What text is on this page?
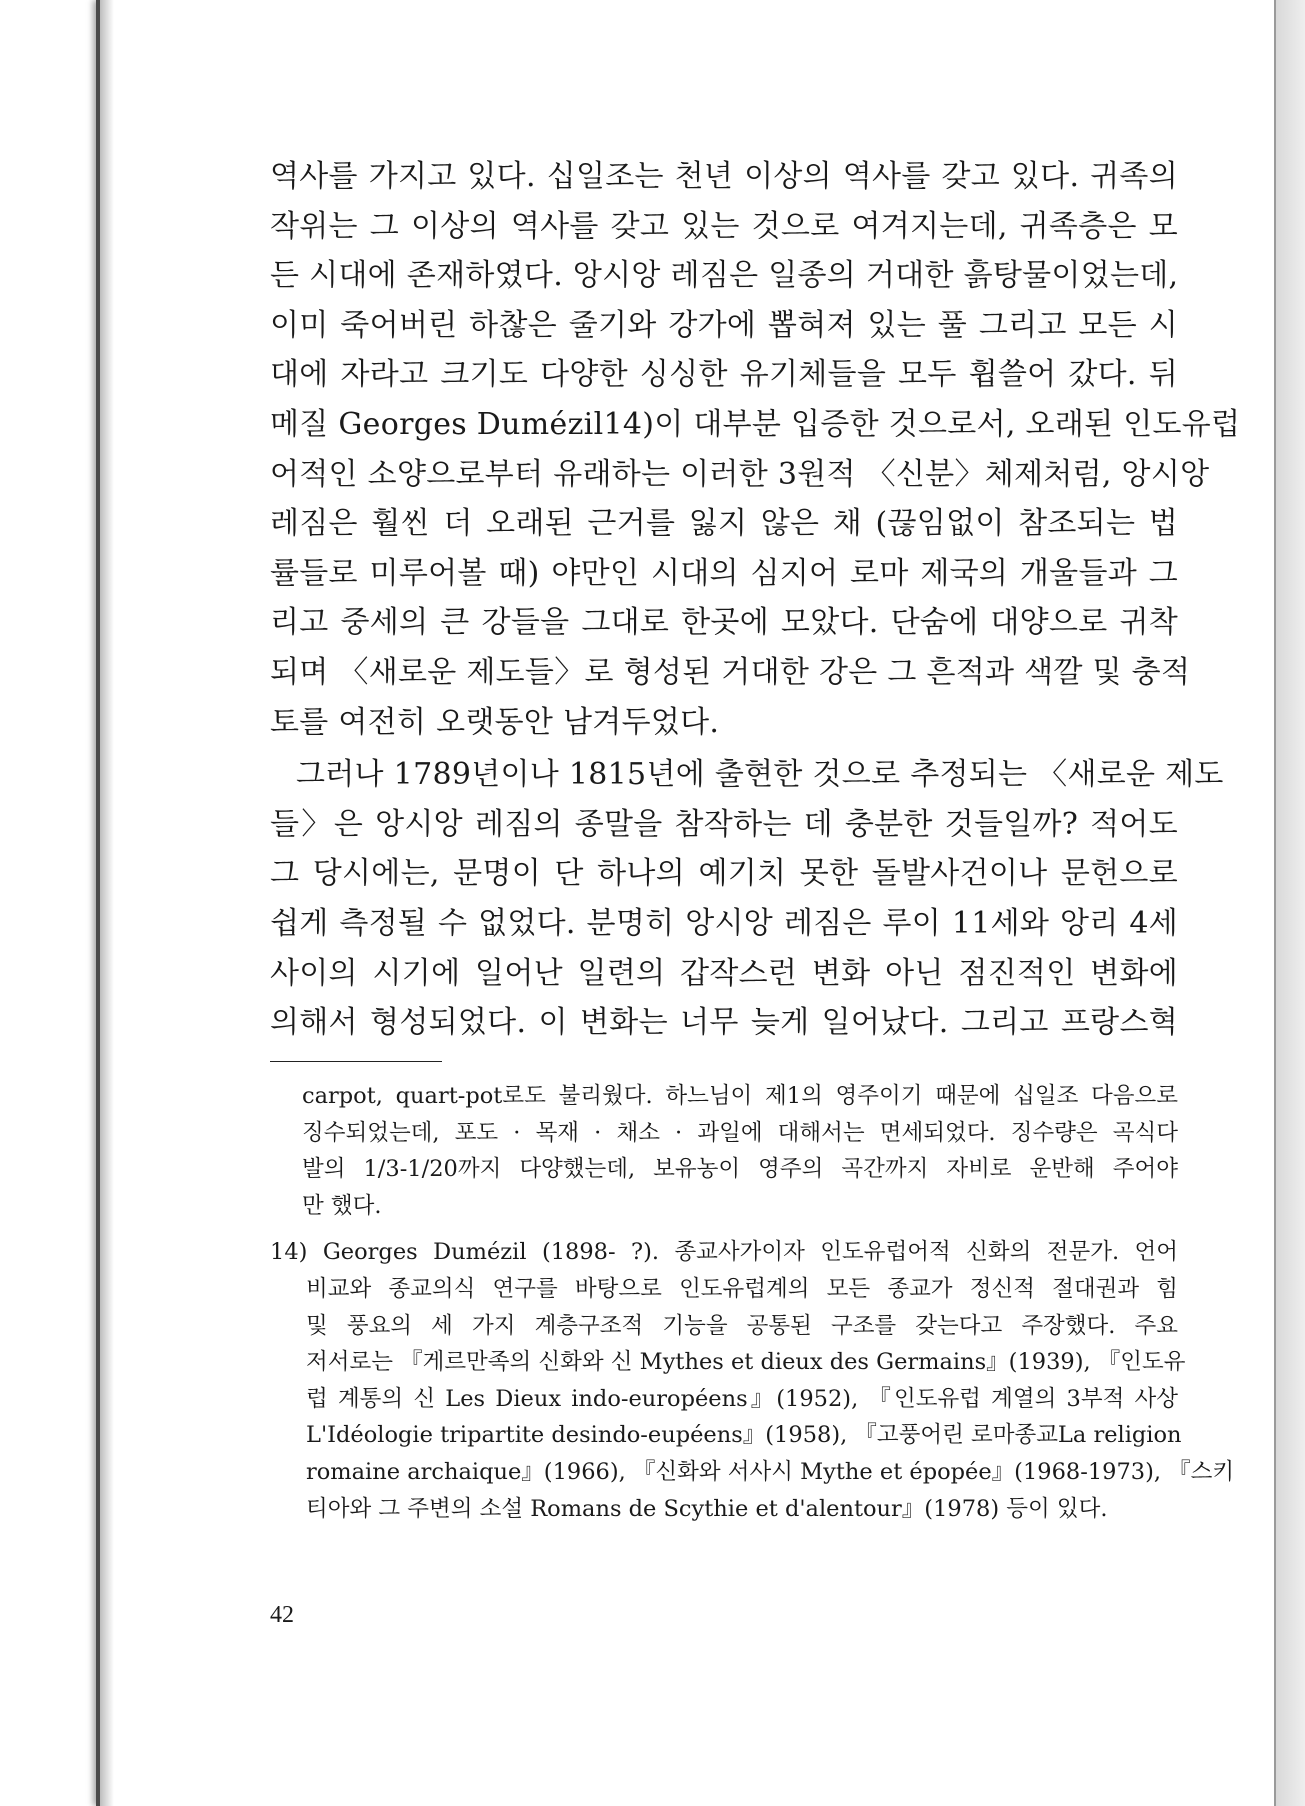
역사를 가지고 있다. 십일조는 천년 이상의 역사를 갖고 있다. 귀족의
작위는 그 이상의 역사를 갖고 있는 것으로 여겨지는데, 귀족층은 모
든 시대에 존재하였다. 앙시앙 레짐은 일종의 거대한 흙탕물이었는데,
이미 죽어버린 하찮은 줄기와 강가에 뽑혀져 있는 풀 그리고 모든 시
대에 자라고 크기도 다양한 싱싱한 유기체들을 모두 휩쓸어 갔다. 뒤
메질 Georges Dumézil14)이 대부분 입증한 것으로서, 오래된 인도유럽
어적인 소양으로부터 유래하는 이러한 3원적 〈신분〉체제처럼, 앙시앙
레짐은 훨씬 더 오래된 근거를 잃지 않은 채 (끊임없이 참조되는 법
률들로 미루어볼 때) 야만인 시대의 심지어 로마 제국의 개울들과 그
리고 중세의 큰 강들을 그대로 한곳에 모았다. 단숨에 대양으로 귀착
되며 〈새로운 제도들〉로 형성된 거대한 강은 그 흔적과 색깔 및 충적
토를 여전히 오랫동안 남겨두었다.
그러나 1789년이나 1815년에 출현한 것으로 추정되는 〈새로운 제도
들〉은 앙시앙 레짐의 종말을 참작하는 데 충분한 것들일까? 적어도
그 당시에는, 문명이 단 하나의 예기치 못한 돌발사건이나 문헌으로
쉽게 측정될 수 없었다. 분명히 앙시앙 레짐은 루이 11세와 앙리 4세
사이의 시기에 일어난 일련의 갑작스런 변화 아닌 점진적인 변화에
의해서 형성되었다. 이 변화는 너무 늦게 일어났다. 그리고 프랑스혁
carpot, quart-pot로도 불리웠다. 하느님이 제1의 영주이기 때문에 십일조 다음으로
징수되었는데, 포도 · 목재 · 채소 · 과일에 대해서는 면세되었다. 징수량은 곡식다
발의 1/3-1/20까지 다양했는데, 보유농이 영주의 곡간까지 자비로 운반해 주어야
만 했다.
14) Georges Dumézil (1898- ?). 종교사가이자 인도유럽어적 신화의 전문가. 언어
비교와 종교의식 연구를 바탕으로 인도유럽계의 모든 종교가 정신적 절대권과 힘
및 풍요의 세 가지 계층구조적 기능을 공통된 구조를 갖는다고 주장했다. 주요
저서로는 『게르만족의 신화와 신 Mythes et dieux des Germains』(1939), 『인도유
럽 계통의 신 Les Dieux indo-européens』(1952), 『인도유럽 계열의 3부적 사상
L'Idéologie tripartite desindo-eupéens』(1958), 『고풍어린 로마종교La religion
romaine archaique』(1966), 『신화와 서사시 Mythe et épopée』(1968-1973), 『스키
티아와 그 주변의 소설 Romans de Scythie et d'alentour』(1978) 등이 있다.
42
